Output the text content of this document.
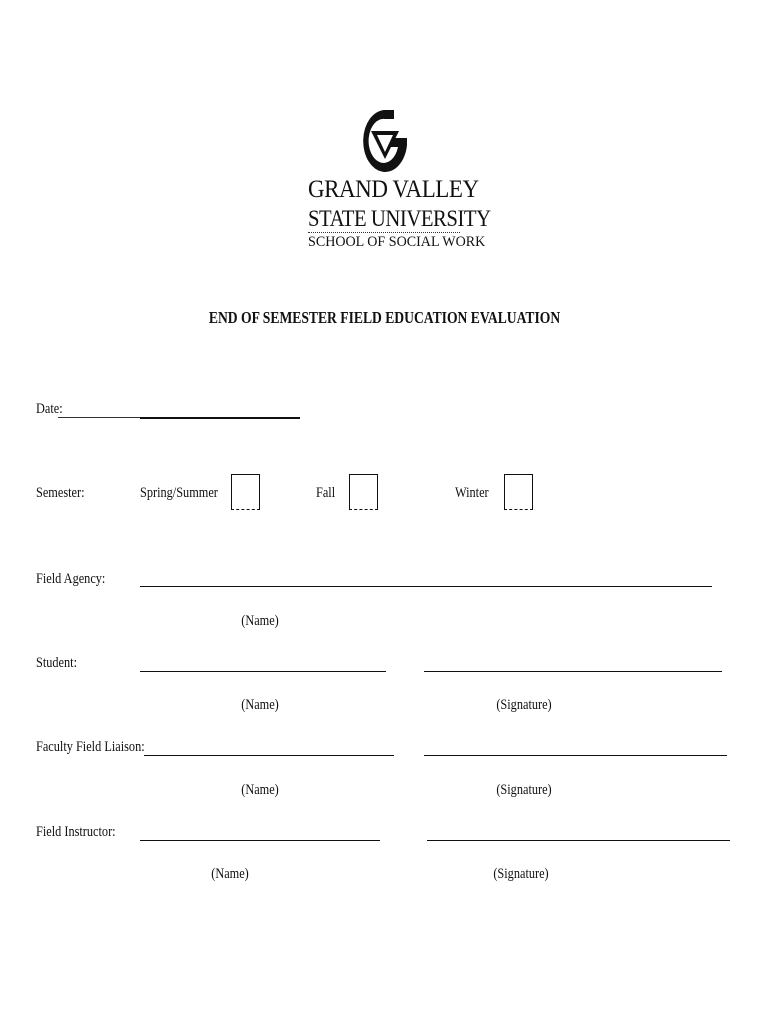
GRAND VALLEY
STATE UNIVERSITY
SCHOOL OF SOCIAL WORK
END OF SEMESTER FIELD EDUCATION EVALUATION
Date:
Semester:	Spring/Summer	Fall	Winter
Field Agency:
(Name)
Student:
(Name)	(Signature)
Faculty Field Liaison:
(Name)	(Signature)
Field Instructor:
(Name)	(Signature)
